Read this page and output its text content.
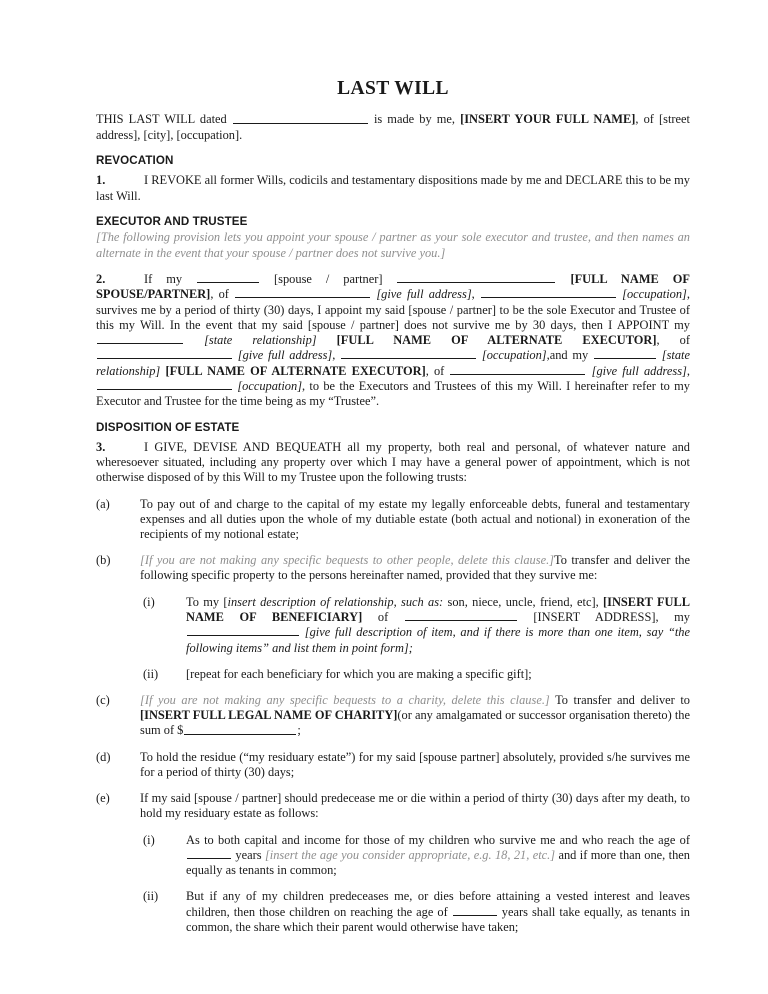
LAST WILL

THIS LAST WILL dated	is made by me, [INSERT YOUR FULL NAME], of [street address], [city], [occupation].

REVOCATION
1.	I REVOKE all former Wills, codicils and testamentary dispositions made by me and DECLARE this to be my last Will.
EXECUTOR AND TRUSTEE

[The following provision lets you appoint your spouse / partner as your sole executor and trustee, and then names an alternate in the event that your spouse / partner does not survive you.]

2.	If my	[spouse / partner]	[FULL NAME OF SPOUSE/PARTNER], of	[give full address],	[occupation], survives me by a period of thirty (30) days, I appoint my said [spouse / partner] to be the sole Executor and Trustee of this my Will. In the event that my said [spouse / partner] does not survive me by 30 days, then I APPOINT my  [state relationship] [FULL NAME OF ALTERNATE EXECUTOR], of  [give full address],	[occupation],and my	[state relationship] [FULL NAME OF ALTERNATE EXECUTOR], of	[give full address],  [occupation], to be the Executors and Trustees of this my Will. I hereinafter refer to my Executor and Trustee for the time being as my “Trustee”.
DISPOSITION OF ESTATE
3.	I GIVE, DEVISE AND BEQUEATH all my property, both real and personal, of whatever nature and wheresoever situated, including any property over which I may have a general power of appointment, which is not otherwise disposed of by this Will to my Trustee upon the following trusts:
(a) To pay out of and charge to the capital of my estate my legally enforceable debts, funeral and testamentary expenses and all duties upon the whole of my dutiable estate (both actual and notional) in exoneration of the recipients of my notional estate;
(b) [If you are not making any specific bequests to other people, delete this clause.]To transfer and deliver the following specific property to the persons hereinafter named, provided that they survive me:
(i)	To my [insert description of relationship, such as: son, niece, uncle, friend, etc], [INSERT FULL NAME OF BENEFICIARY] of	[INSERT ADDRESS], my  [give full description of item, and if there is more than one item, say “the following items” and list them in point form];
(ii) [repeat for each beneficiary for which you are making a specific gift];
(c) [If you are not making any specific bequests to a charity, delete this clause.] To transfer and deliver to [INSERT FULL LEGAL NAME OF CHARITY](or any amalgamated or successor organisation thereto) the sum of $	;
(d) To hold the residue (“my residuary estate”) for my said [spouse partner] absolutely, provided s/he survives me for a period of thirty (30) days;
(e) If my said [spouse / partner] should predecease me or die within a period of thirty (30) days after my death, to hold my residuary estate as follows:
(i)	As to both capital and income for those of my children who survive me and who reach the age of  years [insert the age you consider appropriate, e.g. 18, 21, etc.] and if more than one, then equally as tenants in common;
(ii) But if any of my children predeceases me, or dies before attaining a vested interest and leaves children, then those children on reaching the age of	years shall take equally, as tenants in common, the share which their parent would otherwise have taken;
